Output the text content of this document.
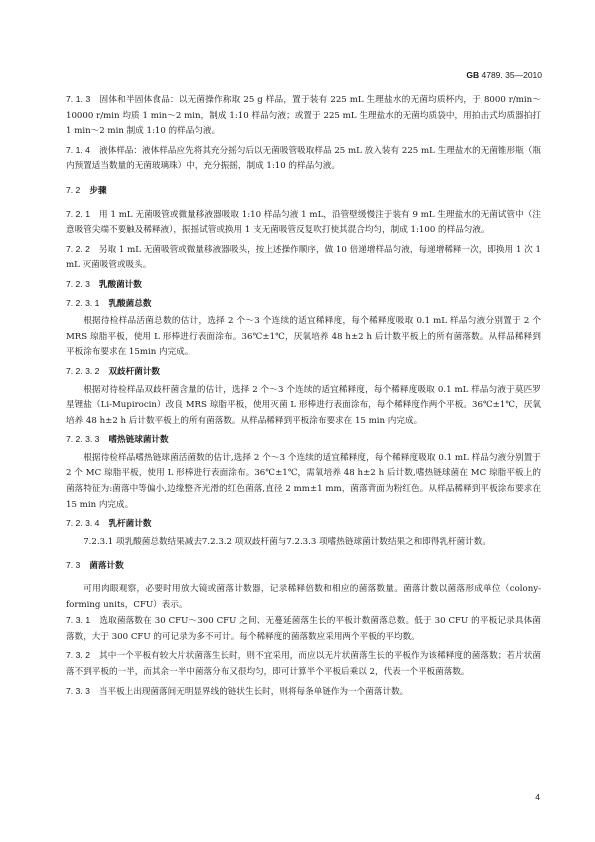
GB 4789. 35—2010

7. 1. 3 固体和半固体食品：以无菌操作称取 25 g 样品，置于装有 225 mL 生理盐水的无菌均质杯内，于 8000 r/min～10000 r/min 均质 1 min～2 min，制成 1:10 样品匀液；或置于 225 mL 生理盐水的无菌均质袋中，用拍击式均质器拍打 1 min～2 min 制成 1:10 的样品匀液。

7. 1. 4 液体样品：液体样品应先将其充分摇匀后以无菌吸管吸取样品 25 mL 放入装有 225 mL 生理盐水的无菌锥形瓶（瓶内预置适当数量的无菌玻璃珠）中，充分振摇，制成 1:10 的样品匀液。

7. 2 步骤

7. 2. 1 用 1 mL 无菌吸管或微量移液器吸取 1:10 样品匀液 1 mL，沿管壁缓慢注于装有 9 mL 生理盐水的无菌试管中（注意吸管尖端不要触及稀释液），振摇试管或换用 1 支无菌吸管反复吹打使其混合均匀，制成 1:100 的样品匀液。

7. 2. 2 另取 1 mL 无菌吸管或微量移液器吸头，按上述操作顺序，做 10 倍递增样品匀液，每递增稀释一次，即换用 1 次 1 mL 灭菌吸管或吸头。

7. 2. 3 乳酸菌计数

7. 2. 3. 1 乳酸菌总数

根据待检样品活菌总数的估计，选择 2 个～3 个连续的适宜稀释度，每个稀释度吸取 0.1 mL 样品匀液分别置于 2 个 MRS 琼脂平板，使用 L 形棒进行表面涂布。36℃±1℃，厌氧培养 48 h±2 h 后计数平板上的所有菌落数。从样品稀释到平板涂布要求在 15min 内完成。

7. 2. 3. 2 双歧杆菌计数

根据对待检样品双歧杆菌含量的估计，选择 2 个～3 个连续的适宜稀释度，每个稀释度吸取 0.1 mL 样品匀液于莫匹罗星锂盐（Li-Mupirocin）改良 MRS 琼脂平板，使用灭菌 L 形棒进行表面涂布，每个稀释度作两个平板。36℃±1℃，厌氧培养 48 h±2 h 后计数平板上的所有菌落数。从样品稀释到平板涂布要求在 15 min 内完成。

7. 2. 3. 3 嗜热链球菌计数

根据待检样品嗜热链球菌活菌数的估计,选择 2 个～3 个连续的适宜稀释度，每个稀释度吸取 0.1 mL 样品匀液分别置于 2 个 MC 琼脂平板，使用 L 形棒进行表面涂布。36℃±1℃，需氧培养 48 h±2 h 后计数,嗜热链球菌在 MC 琼脂平板上的菌落特征为:菌落中等偏小,边缘整齐光滑的红色菌落,直径 2 mm±1 mm，菌落背面为粉红色。从样品稀释到平板涂布要求在 15 min 内完成。

7. 2. 3. 4 乳杆菌计数

7.2.3.1 项乳酸菌总数结果减去7.2.3.2 项双歧杆菌与7.2.3.3 项嗜热链球菌计数结果之和即得乳杆菌计数。

7. 3 菌落计数

可用肉眼观察，必要时用放大镜或菌落计数器，记录稀释倍数和相应的菌落数量。菌落计数以菌落形成单位（colony-forming units，CFU）表示。

7. 3. 1 选取菌落数在 30 CFU～300 CFU 之间、无蔓延菌落生长的平板计数菌落总数。低于 30 CFU 的平板记录具体菌落数，大于 300 CFU 的可记录为多不可计。每个稀释度的菌落数应采用两个平板的平均数。

7. 3. 2 其中一个平板有较大片状菌落生长时，则不宜采用，而应以无片状菌落生长的平板作为该稀释度的菌落数；若片状菌落不到平板的一半，而其余一半中菌落分布又很均匀，即可计算半个平板后乘以 2，代表一个平板菌落数。

7. 3. 3 当平板上出现菌落间无明显界线的链状生长时，则将每条单链作为一个菌落计数。

4
